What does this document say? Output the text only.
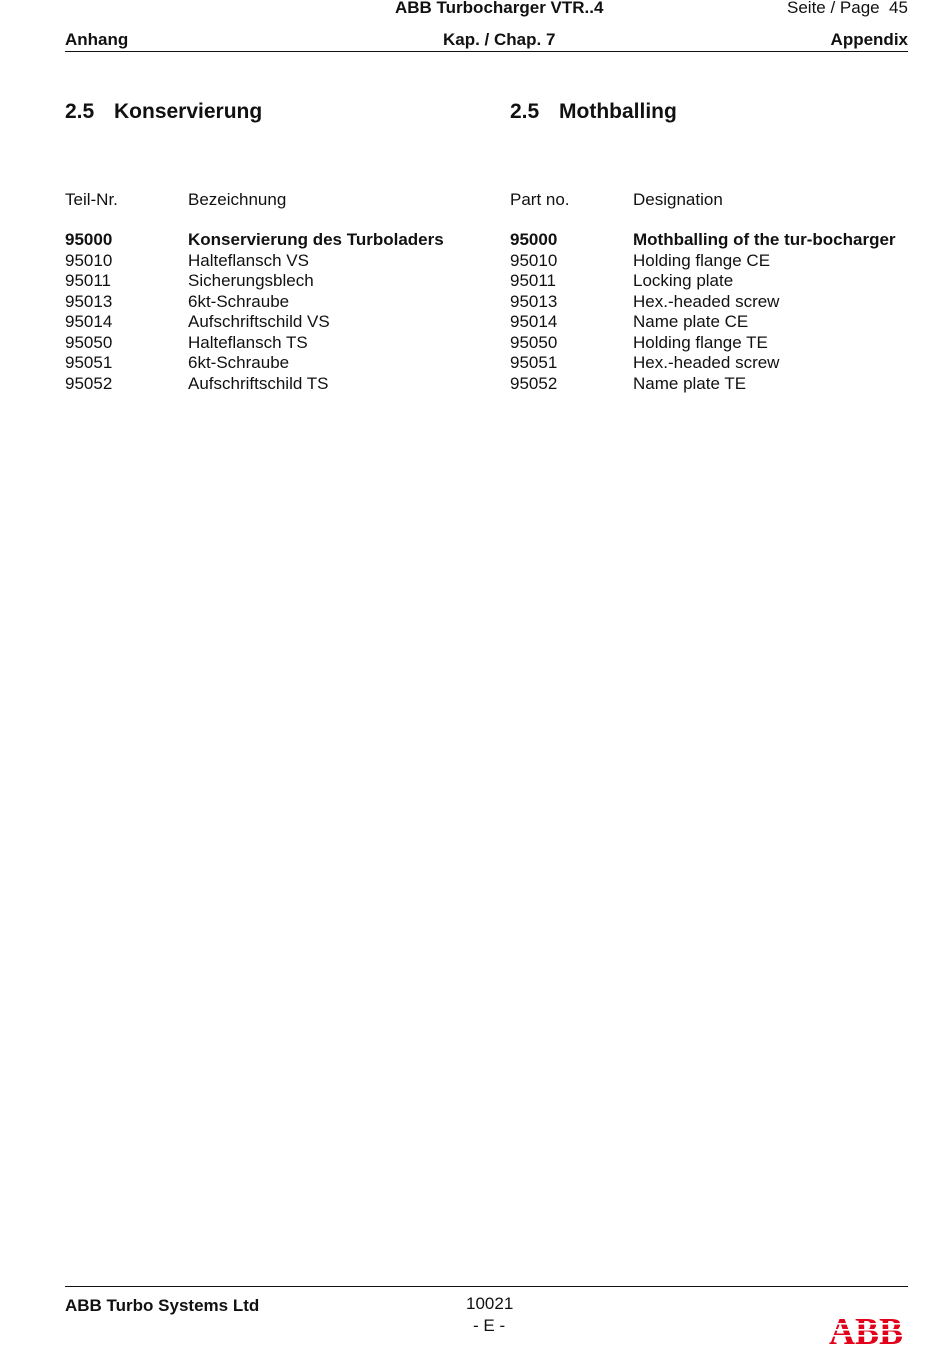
ABB Turbocharger VTR..4	Seite / Page 45
Anhang	Kap. / Chap. 7	Appendix
2.5 Konservierung	2.5 Mothballing
Teil-Nr.	Bezeichnung	Part no.	Designation
95000	Konservierung des Turboladers	95000	Mothballing of the tur-bocharger
95010	Halteflansch VS	95010	Holding flange CE
95011	Sicherungsblech	95011	Locking plate
95013	6kt-Schraube	95013	Hex.-headed screw
95014	Aufschriftschild VS	95014	Name plate CE
95050	Halteflansch TS	95050	Holding flange TE
95051	6kt-Schraube	95051	Hex.-headed screw
95052	Aufschriftschild TS	95052	Name plate TE
ABB Turbo Systems Ltd	10021
- E -
